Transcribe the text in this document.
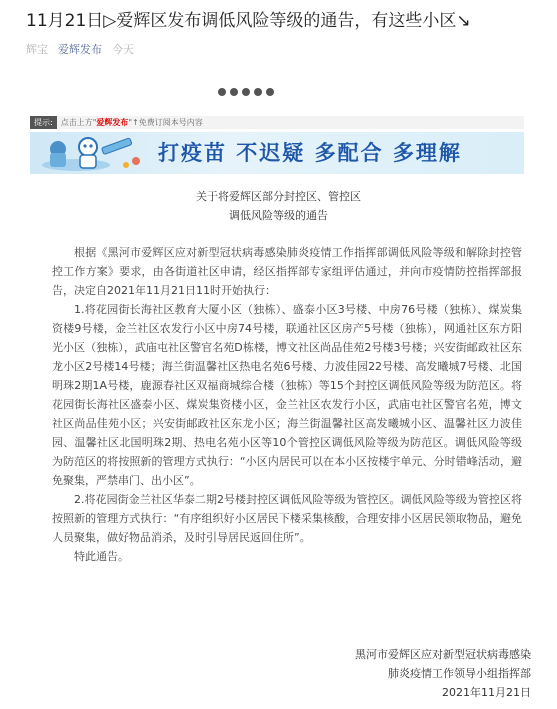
11月21日▷爱辉区发布调低风险等级的通告，有这些小区↘
辉宝 爱辉发布 今天
提示: 点击上方"爱辉发布"↑免费订阅本号内容
打疫苗 不迟疑 多配合 多理解
关于将爱辉区部分封控区、管控区
调低风险等级的通告

根据《黑河市爱辉区应对新型冠状病毒感染肺炎疫情工作指挥部调低风险等级和解除封控管控工作方案》要求，由各街道社区申请，经区指挥部专家组评估通过，并向市疫情防控指挥部报告，决定自2021年11月21日11时开始执行：

1.将花园街长海社区教育大厦小区（独栋）、盛泰小区3号楼、中房76号楼（独栋）、煤炭集资楼9号楼，金兰社区农发行小区中房74号楼，联通社区区房产5号楼（独栋），网通社区东方阳光小区（独栋），武庙屯社区警官名苑D栋楼，博文社区尚品佳苑2号楼3号楼；兴安街邮政社区东龙小区2号楼14号楼；海兰街温馨社区热电名苑6号楼、力波佳园22号楼、高发曦城7号楼、北国明珠2期1A号楼，鹿源春社区双福商城综合楼（独栋）等15个封控区调低风险等级为防范区。将花园街长海社区盛泰小区、煤炭集资楼小区，金兰社区农发行小区，武庙屯社区警官名苑，博文社区尚品佳苑小区；兴安街邮政社区东龙小区；海兰街温馨社区高发曦城小区、温馨社区力波佳园、温馨社区北国明珠2期、热电名苑小区等10个管控区调低风险等级为防范区。调低风险等级为防范区的将按照新的管理方式执行：“小区内居民可以在本小区按楼宇单元、分时错峰活动，避免聚集，严禁串门、出小区”。

2.将花园街金兰社区华泰二期2号楼封控区调低风险等级为管控区。调低风险等级为管控区将按照新的管理方式执行：“有序组织好小区居民下楼采集核酸，合理安排小区居民领取物品，避免人员聚集，做好物品消杀，及时引导居民返回住所”。

特此通告。

黑河市爱辉区应对新型冠状病毒感染
肺炎疫情工作领导小组指挥部
2021年11月21日
